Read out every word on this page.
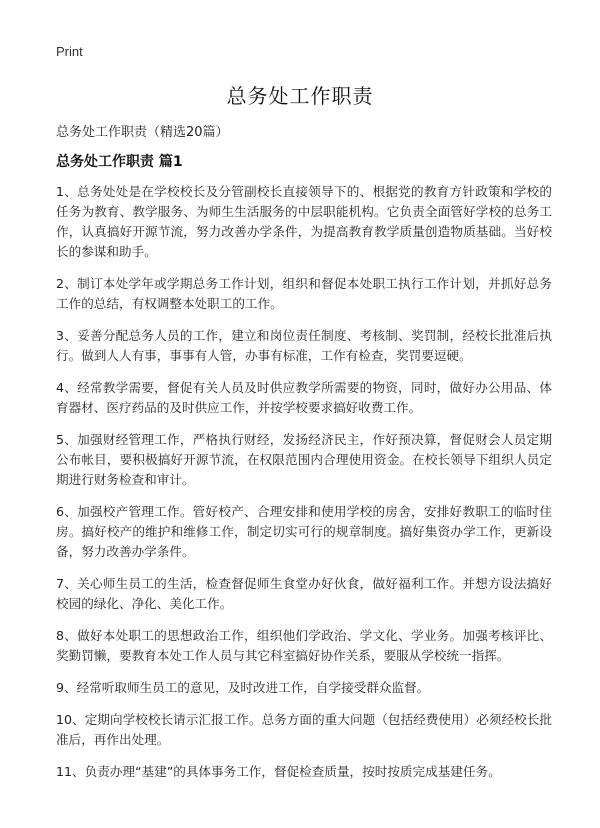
Print
总务处工作职责
总务处工作职责（精选20篇）
总务处工作职责 篇1

1、总务处处是在学校校长及分管副校长直接领导下的、根据党的教育方针政策和学校的任务为教育、教学服务、为师生生活服务的中层职能机构。它负责全面管好学校的总务工作，认真搞好开源节流，努力改善办学条件，为提高教育教学质量创造物质基础。当好校长的参谋和助手。

2、制订本处学年或学期总务工作计划，组织和督促本处职工执行工作计划，并抓好总务工作的总结，有权调整本处职工的工作。

3、妥善分配总务人员的工作，建立和岗位责任制度、考核制、奖罚制，经校长批准后执行。做到人人有事，事事有人管，办事有标准，工作有检查，奖罚要逗硬。

4、经常教学需要，督促有关人员及时供应教学所需要的物资，同时，做好办公用品、体育器材、医疗药品的及时供应工作，并按学校要求搞好收费工作。

5、加强财经管理工作，严格执行财经，发扬经济民主，作好预决算，督促财会人员定期公布帐目，要积极搞好开源节流，在权限范围内合理使用资金。在校长领导下组织人员定期进行财务检查和审计。

6、加强校产管理工作。管好校产、合理安排和使用学校的房舍，安排好教职工的临时住房。搞好校产的维护和维修工作，制定切实可行的规章制度。搞好集资办学工作，更新设备，努力改善办学条件。

7、关心师生员工的生活，检查督促师生食堂办好伙食，做好福利工作。并想方设法搞好校园的绿化、净化、美化工作。

8、做好本处职工的思想政治工作，组织他们学政治、学文化、学业务。加强考核评比、奖勤罚懒，要教育本处工作人员与其它科室搞好协作关系，要服从学校统一指挥。

9、经常听取师生员工的意见，及时改进工作，自学接受群众监督。

10、定期向学校校长请示汇报工作。总务方面的重大问题（包括经费使用）必须经校长批准后，再作出处理。

11、负责办理“基建”的具体事务工作，督促检查质量，按时按质完成基建任务。
